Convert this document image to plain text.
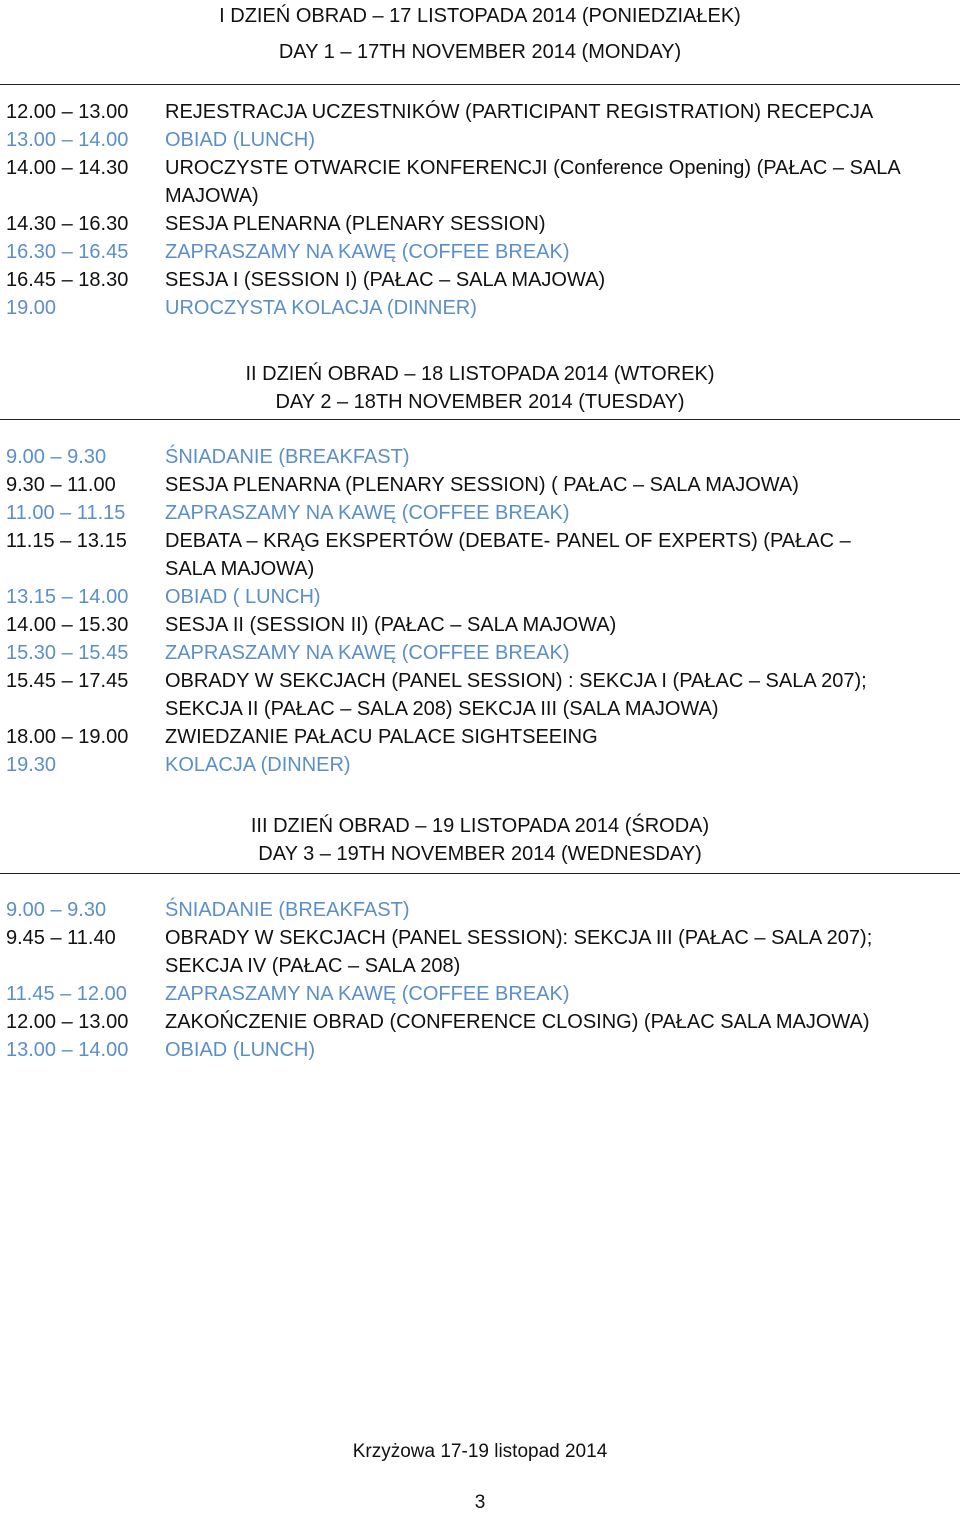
I DZIEŃ OBRAD – 17 LISTOPADA 2014 (PONIEDZIAŁEK)
DAY 1 – 17TH NOVEMBER 2014 (MONDAY)
12.00 – 13.00	REJESTRACJA UCZESTNIKÓW (PARTICIPANT REGISTRATION) RECEPCJA
13.00 – 14.00	OBIAD (LUNCH)
14.00 – 14.30	UROCZYSTE OTWARCIE KONFERENCJI (Conference Opening) (PAŁAC – SALA MAJOWA)
14.30 – 16.30	SESJA PLENARNA (PLENARY SESSION)
16.30 – 16.45	ZAPRASZAMY NA KAWĘ (COFFEE BREAK)
16.45 – 18.30	SESJA I (SESSION I) (PAŁAC – SALA MAJOWA)
19.00	UROCZYSTA KOLACJA (DINNER)
II DZIEŃ OBRAD – 18 LISTOPADA 2014 (WTOREK)
DAY 2 – 18TH NOVEMBER 2014 (TUESDAY)
9.00 – 9.30	ŚNIADANIE (BREAKFAST)
9.30 – 11.00	SESJA PLENARNA (PLENARY SESSION) ( PAŁAC – SALA MAJOWA)
11.00 – 11.15	ZAPRASZAMY NA KAWĘ (COFFEE BREAK)
11.15 – 13.15	DEBATA – KRĄG EKSPERTÓW (DEBATE- PANEL OF EXPERTS) (PAŁAC – SALA MAJOWA)
13.15 – 14.00	OBIAD ( LUNCH)
14.00 – 15.30	SESJA II (SESSION II) (PAŁAC – SALA MAJOWA)
15.30 – 15.45	ZAPRASZAMY NA KAWĘ (COFFEE BREAK)
15.45 – 17.45	OBRADY W SEKCJACH (PANEL SESSION) : SEKCJA I (PAŁAC – SALA 207); SEKCJA II (PAŁAC – SALA 208) SEKCJA III (SALA MAJOWA)
18.00 – 19.00	ZWIEDZANIE PAŁACU PALACE SIGHTSEEING
19.30	KOLACJA (DINNER)
III DZIEŃ OBRAD – 19 LISTOPADA 2014 (ŚRODA)
DAY 3 – 19TH NOVEMBER 2014 (WEDNESDAY)
9.00 – 9.30	ŚNIADANIE (BREAKFAST)
9.45 – 11.40	OBRADY W SEKCJACH (PANEL SESSION): SEKCJA III (PAŁAC – SALA 207); SEKCJA IV (PAŁAC – SALA 208)
11.45 – 12.00	ZAPRASZAMY NA KAWĘ (COFFEE BREAK)
12.00 – 13.00	ZAKOŃCZENIE OBRAD (CONFERENCE CLOSING) (PAŁAC SALA MAJOWA)
13.00 – 14.00	OBIAD (LUNCH)
Krzyżowa 17-19 listopad 2014
3
